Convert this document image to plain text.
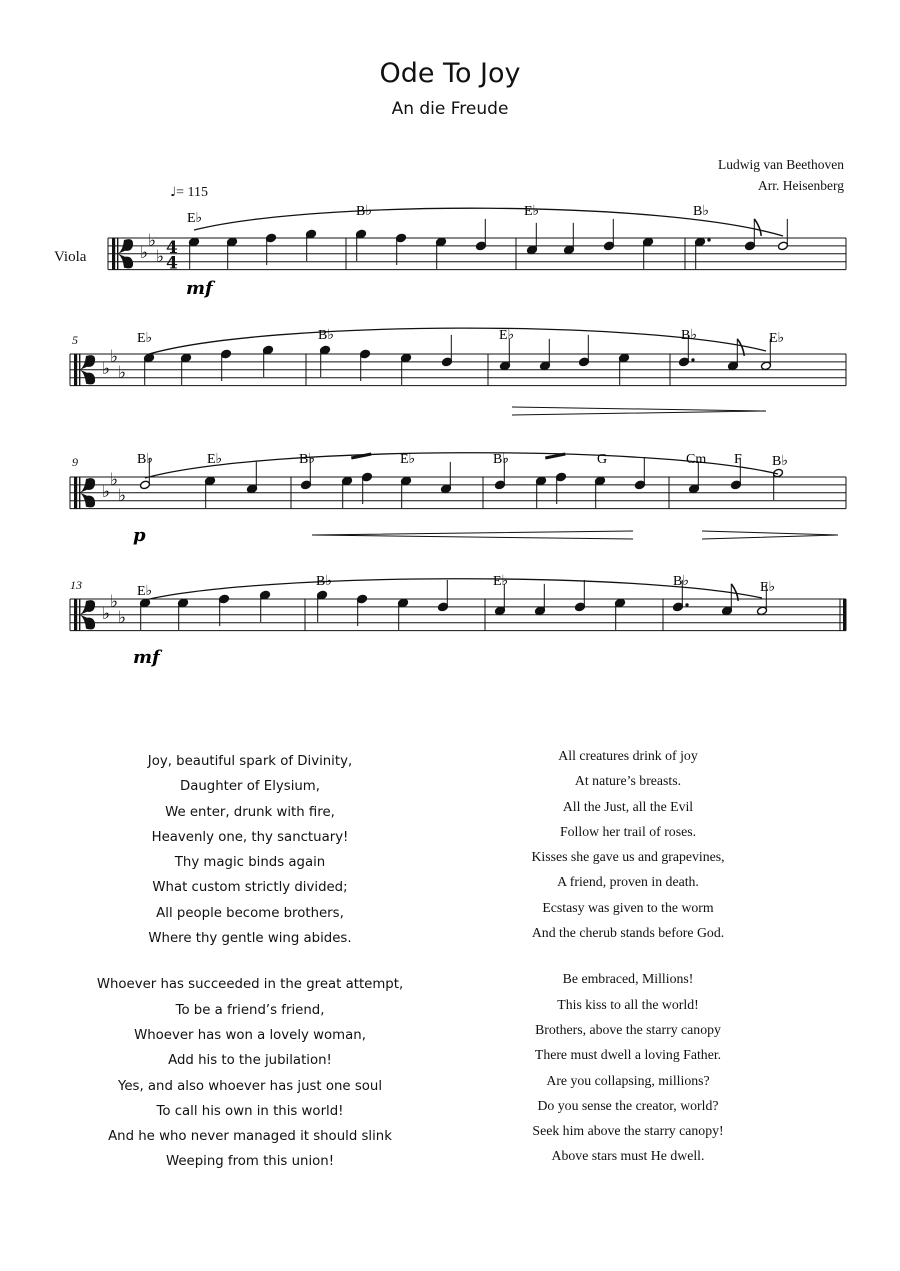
Ode To Joy
An die Freude
Ludwig van Beethoven
Arr. Heisenberg
Viola
♩= 115
5
9
13
♭
♭
♭ 4
4
♭
♭
♭
♭
♭
♭
♭
♭
♭
E♭	B♭	E♭	B♭
E♭	B♭	E♭	B♭	E♭
B♭	E♭	B♭	E♭	B♭	G	Cm F B♭
E♭
B♭	E♭	B♭	E♭
mf
p
mf
Joy, beautiful spark of Divinity,
Daughter of Elysium,
We enter, drunk with fire,
Heavenly one, thy sanctuary!
Thy magic binds again
What custom strictly divided;
All people become brothers,
Where thy gentle wing abides.
Whoever has succeeded in the great attempt,
To be a friend’s friend,
Whoever has won a lovely woman,
Add his to the jubilation!
Yes, and also whoever has just one soul
To call his own in this world!
And he who never managed it should slink
Weeping from this union!
All creatures drink of joy
At nature’s breasts.
All the Just, all the Evil
Follow her trail of roses.
Kisses she gave us and grapevines,
A friend, proven in death.
Ecstasy was given to the worm
And the cherub stands before God.
Be embraced, Millions!
This kiss to all the world!
Brothers, above the starry canopy
There must dwell a loving Father.
Are you collapsing, millions?
Do you sense the creator, world?
Seek him above the starry canopy!
Above stars must He dwell.
